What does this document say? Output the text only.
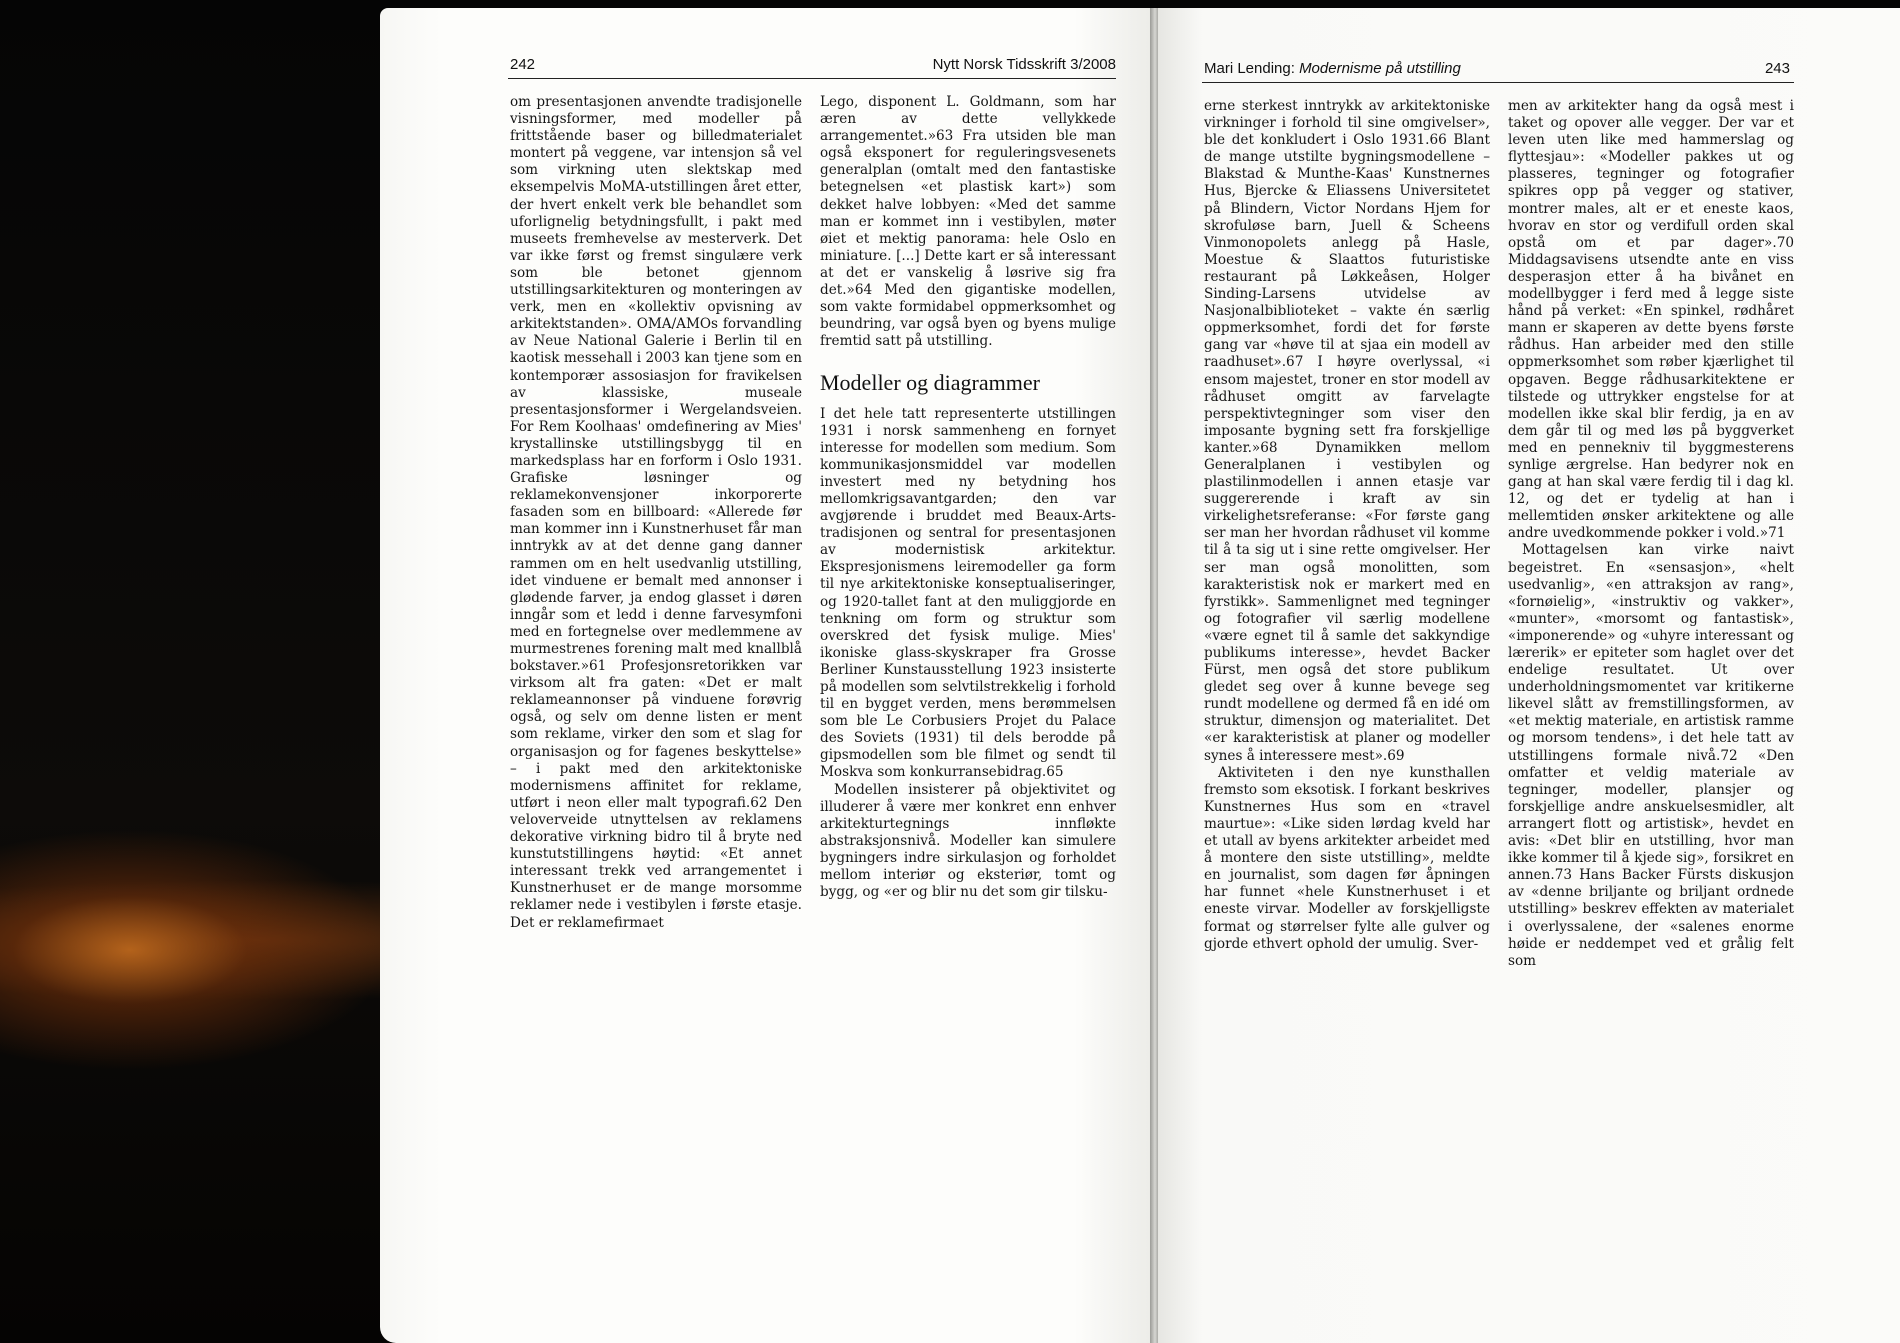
242	Nytt Norsk Tidsskrift 3/2008

om presentasjonen anvendte tradisjonelle visningsformer, med modeller på frittstående baser og billedmaterialet montert på veggene, var intensjon så vel som virkning uten slektskap med eksempelvis MoMA-utstillingen året etter, der hvert enkelt verk ble behandlet som uforlignelig betydningsfullt, i pakt med museets fremhevelse av mesterverk. Det var ikke først og fremst singulære verk som ble betonet gjennom utstillingsarkitekturen og monteringen av verk, men en «kollektiv opvisning av arkitektstanden». OMA/AMOs forvandling av Neue National Galerie i Berlin til en kaotisk messehall i 2003 kan tjene som en kontemporær assosiasjon for fravikelsen av klassiske, museale presentasjonsformer i Wergelandsveien. For Rem Koolhaas' omdefinering av Mies' krystallinske utstillingsbygg til en markedsplass har en forform i Oslo 1931. Grafiske løsninger og reklamekonvensjoner inkorporerte fasaden som en billboard: «Allerede før man kommer inn i Kunstnerhuset får man inntrykk av at det denne gang danner rammen om en helt usedvanlig utstilling, idet vinduene er bemalt med annonser i glødende farver, ja endog glasset i døren inngår som et ledd i denne farvesymfoni med en fortegnelse over medlemmene av murmestrenes forening malt med knallblå bokstaver.»61 Profesjonsretorikken var virksom alt fra gaten: «Det er malt reklameannonser på vinduene forøvrig også, og selv om denne listen er ment som reklame, virker den som et slag for organisasjon og for fagenes beskyttelse» – i pakt med den arkitektoniske modernismens affinitet for reklame, utført i neon eller malt typografi.62 Den veloverveide utnyttelsen av reklamens dekorative virkning bidro til å bryte ned kunstutstillingens høytid: «Et annet interessant trekk ved arrangementet i Kunstnerhuset er de mange morsomme reklamer nede i vestibylen i første etasje. Det er reklamefirmaet

Lego, disponent L. Goldmann, som har æren av dette vellykkede arrangementet.»63 Fra utsiden ble man også eksponert for reguleringsvesenets generalplan (omtalt med den fantastiske betegnelsen «et plastisk kart») som dekket halve lobbyen: «Med det samme man er kommet inn i vestibylen, møter øiet et mektig panorama: hele Oslo en miniature. [...] Dette kart er så interessant at det er vanskelig å løsrive sig fra det.»64 Med den gigantiske modellen, som vakte formidabel oppmerksomhet og beundring, var også byen og byens mulige fremtid satt på utstilling.

Modeller og diagrammer

I det hele tatt representerte utstillingen 1931 i norsk sammenheng en fornyet interesse for modellen som medium. Som kommunikasjonsmiddel var modellen investert med ny betydning hos mellomkrigsavantgarden; den var avgjørende i bruddet med Beaux-Arts-tradisjonen og sentral for presentasjonen av modernistisk arkitektur. Ekspresjonismens leiremodeller ga form til nye arkitektoniske konseptualiseringer, og 1920-tallet fant at den muliggjorde en tenkning om form og struktur som overskred det fysisk mulige. Mies' ikoniske glass-skyskraper fra Grosse Berliner Kunstausstellung 1923 insisterte på modellen som selvtilstrekkelig i forhold til en bygget verden, mens berømmelsen som ble Le Corbusiers Projet du Palace des Soviets (1931) til dels berodde på gipsmodellen som ble filmet og sendt til Moskva som konkurransebidrag.65

Modellen insisterer på objektivitet og illuderer å være mer konkret enn enhver arkitekturtegnings innfløkte abstraksjonsnivå. Modeller kan simulere bygningers indre sirkulasjon og forholdet mellom interiør og eksteriør, tomt og bygg, og «er og blir nu det som gir tilsku-

Mari Lending: Modernisme på utstilling	243

erne sterkest inntrykk av arkitektoniske virkninger i forhold til sine omgivelser», ble det konkludert i Oslo 1931.66 Blant de mange utstilte bygningsmodellene – Blakstad & Munthe-Kaas' Kunstnernes Hus, Bjercke & Eliassens Universitetet på Blindern, Victor Nordans Hjem for skrofuløse barn, Juell & Scheens Vinmonopolets anlegg på Hasle, Moestue & Slaattos futuristiske restaurant på Løkkeåsen, Holger Sinding-Larsens utvidelse av Nasjonalbiblioteket – vakte én særlig oppmerksomhet, fordi det for første gang var «høve til at sjaa ein modell av raadhuset».67 I høyre overlyssal, «i ensom majestet, troner en stor modell av rådhuset omgitt av farvelagte perspektivtegninger som viser den imposante bygning sett fra forskjellige kanter.»68 Dynamikken mellom Generalplanen i vestibylen og plastilinmodellen i annen etasje var suggererende i kraft av sin virkelighetsreferanse: «For første gang ser man her hvordan rådhuset vil komme til å ta sig ut i sine rette omgivelser. Her ser man også monolitten, som karakteristisk nok er markert med en fyrstikk». Sammenlignet med tegninger og fotografier vil særlig modellene «være egnet til å samle det sakkyndige publikums interesse», hevdet Backer Fürst, men også det store publikum gledet seg over å kunne bevege seg rundt modellene og dermed få en idé om struktur, dimensjon og materialitet. Det «er karakteristisk at planer og modeller synes å interessere mest».69

Aktiviteten i den nye kunsthallen fremsto som eksotisk. I forkant beskrives Kunstnernes Hus som en «travel maurtue»: «Like siden lørdag kveld har et utall av byens arkitekter arbeidet med å montere den siste utstilling», meldte en journalist, som dagen før åpningen har funnet «hele Kunstnerhuset i et eneste virvar. Modeller av forskjelligste format og størrelser fylte alle gulver og gjorde ethvert ophold der umulig. Sver-

men av arkitekter hang da også mest i taket og opover alle vegger. Der var et leven uten like med hammerslag og flyttesjau»: «Modeller pakkes ut og plasseres, tegninger og fotografier spikres opp på vegger og stativer, montrer males, alt er et eneste kaos, hvorav en stor og verdifull orden skal opstå om et par dager».70 Middagsavisens utsendte ante en viss desperasjon etter å ha bivånet en modellbygger i ferd med å legge siste hånd på verket: «En spinkel, rødhåret mann er skaperen av dette byens første rådhus. Han arbeider med den stille oppmerksomhet som røber kjærlighet til opgaven. Begge rådhusarkitektene er tilstede og uttrykker engstelse for at modellen ikke skal blir ferdig, ja en av dem går til og med løs på byggverket med en pennekniv til byggmesterens synlige ærgrelse. Han bedyrer nok en gang at han skal være ferdig til i dag kl. 12, og det er tydelig at han i mellemtiden ønsker arkitektene og alle andre uvedkommende pokker i vold.»71

Mottagelsen kan virke naivt begeistret. En «sensasjon», «helt usedvanlig», «en attraksjon av rang», «fornøielig», «instruktiv og vakker», «munter», «morsomt og fantastisk», «imponerende» og «uhyre interessant og lærerik» er epiteter som haglet over det endelige resultatet. Ut over underholdningsmomentet var kritikerne likevel slått av fremstillingsformen, av «et mektig materiale, en artistisk ramme og morsom tendens», i det hele tatt av utstillingens formale nivå.72 «Den omfatter et veldig materiale av tegninger, modeller, plansjer og forskjellige andre anskuelsesmidler, alt arrangert flott og artistisk», hevdet en avis: «Det blir en utstilling, hvor man ikke kommer til å kjede sig», forsikret en annen.73 Hans Backer Fürsts diskusjon av «denne briljante og briljant ordnede utstilling» beskrev effekten av materialet i overlyssalene, der «salenes enorme høide er neddempet ved et grålig felt som
